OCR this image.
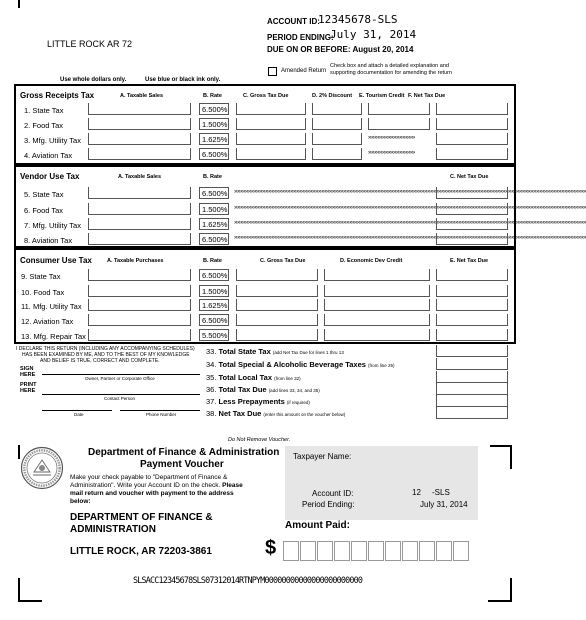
ACCOUNT ID:
12345678-SLS
PERIOD ENDING:
July 31, 2014
DUE ON OR BEFORE: August 20, 2014
LITTLE ROCK AR 72
Amended Return
Check box and attach a detailed explanation and supporting documentation for amending the return
Use whole dollars only.	Use blue or black ink only.
Gross Receipts Tax	A. Taxable Sales	B. Rate	C. Gross Tax Due	D. 2% Discount E. Tourism Credit F. Net Tax Due
1. State Tax	6.500%
2. Food Tax	1.500%
3. Mfg. Utility Tax	1.625%	»»»»»»»»»»»»»»»
4. Aviation Tax	6.500%	»»»»»»»»»»»»»»»
Vendor Use Tax	A. Taxable Sales	B. Rate	C. Net Tax Due
5. State Tax	6.500% »»»»»»»»»»»»»»»»»»»»»»»»»»»»»»»»»»»»»»»»»»»»»»»»»»»»»»»»»»»»»»»»»»»»»»»»»»»»»»»»»»»»»»»»»»»»»»»»»»»»»»»»»»»»»»»»»
6. Food Tax	1.500% »»»»»»»»»»»»»»»»»»»»»»»»»»»»»»»»»»»»»»»»»»»»»»»»»»»»»»»»»»»»»»»»»»»»»»»»»»»»»»»»»»»»»»»»»»»»»»»»»»»»»»»»»»»»»»»»»
7. Mfg. Utility Tax	1.625% »»»»»»»»»»»»»»»»»»»»»»»»»»»»»»»»»»»»»»»»»»»»»»»»»»»»»»»»»»»»»»»»»»»»»»»»»»»»»»»»»»»»»»»»»»»»»»»»»»»»»»»»»»»»»»»»»
8. Aviation Tax	6.500% »»»»»»»»»»»»»»»»»»»»»»»»»»»»»»»»»»»»»»»»»»»»»»»»»»»»»»»»»»»»»»»»»»»»»»»»»»»»»»»»»»»»»»»»»»»»»»»»»»»»»»»»»»»»»»»»»
Consumer Use Tax	A. Taxable Purchases	B. Rate	C. Gross Tax Due	D. Economic Dev Credit	E. Net Tax Due
9. State Tax	6.500%
10. Food Tax	1.500%
11. Mfg. Utility Tax	1.625%
12. Aviation Tax	6.500%
13. Mfg. Repair Tax	5.500%
I DECLARE THIS RETURN (INCLUDING ANY ACCOMPANYING SCHEDULES)
HAS BEEN EXAMINED BY ME, AND TO THE BEST OF MY KNOWLEDGE
AND BELIEF IS TRUE, CORRECT AND COMPLETE.
SIGN
HERE
Owner, Partner or Corporate Office
PRINT
HERE
Contact Person
Date	Phone Number
33. Total State Tax (add Net Tax Due for lines 1 thru 13
34. Total Special & Alcoholic Beverage Taxes (from line 25)
35. Total Local Tax (from line 32)
36. Total Tax Due (add lines 33, 34, and 35)
37. Less Prepayments (if required)
38. Net Tax Due (enter this amount on the voucher below)
Do Not Remove Voucher.
Department of Finance & Administration
Payment Voucher
Make your check payable to "Department of Finance &
Administration". Write your Account ID on the check. Please
mail return and voucher with payment to the address
below:
DEPARTMENT OF FINANCE &
ADMINISTRATION
LITTLE ROCK, AR 72203-3861
Taxpayer Name:
Account ID:	12     -SLS
Period Ending:	July 31, 2014
Amount Paid:
$
SLSACC12345678SLS07312014RTNPYM00000000000000000000000
